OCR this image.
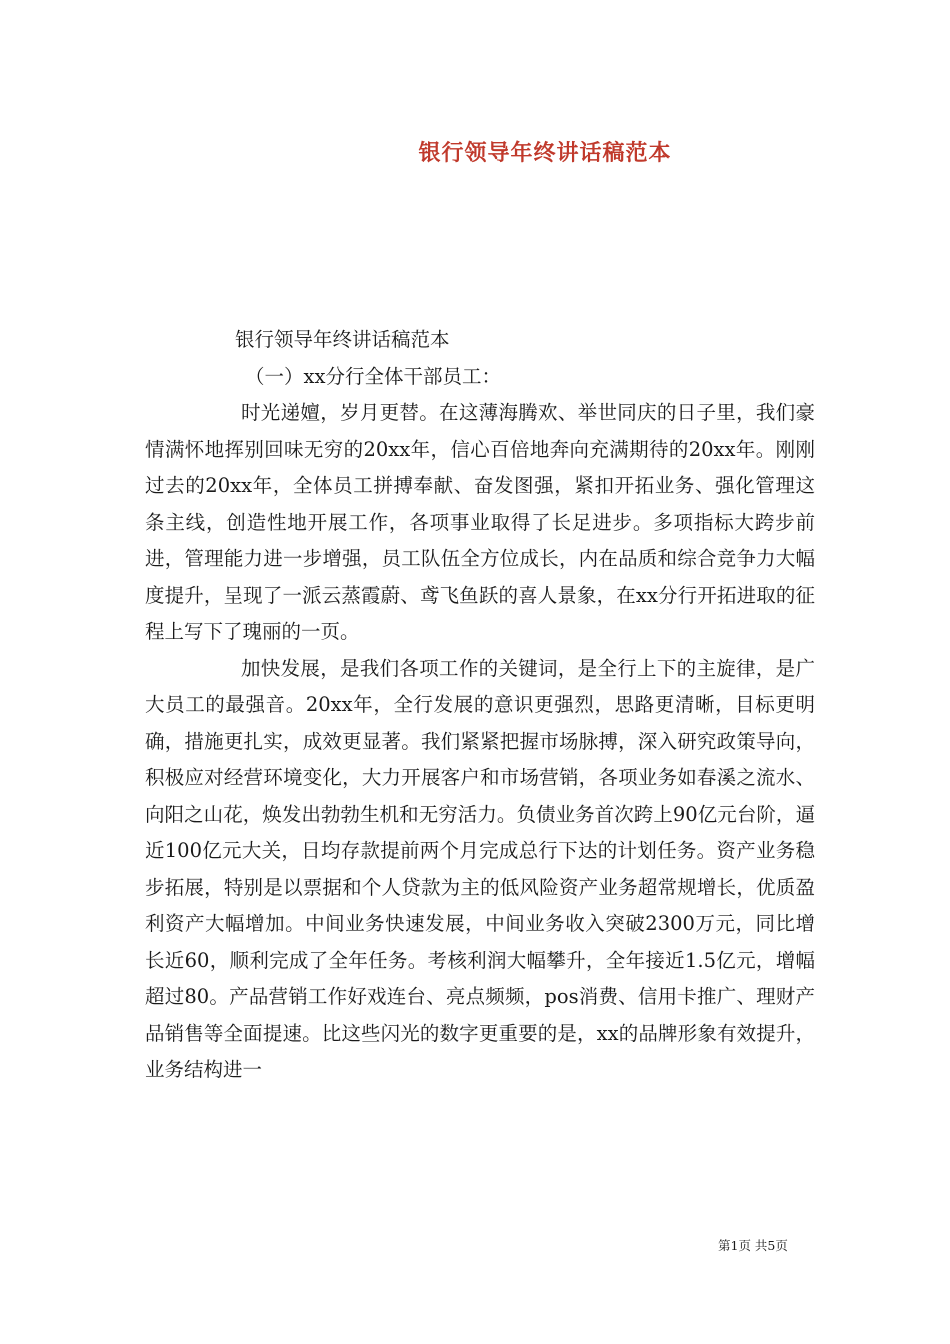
银行领导年终讲话稿范本

银行领导年终讲话稿范本

（一）xx分行全体干部员工：

时光递嬗，岁月更替。在这薄海腾欢、举世同庆的日子里，我们豪情满怀地挥别回味无穷的20xx年，信心百倍地奔向充满期待的20xx年。刚刚过去的20xx年，全体员工拼搏奉献、奋发图强，紧扣开拓业务、强化管理这条主线，创造性地开展工作，各项事业取得了长足进步。多项指标大跨步前进，管理能力进一步增强，员工队伍全方位成长，内在品质和综合竞争力大幅度提升，呈现了一派云蒸霞蔚、鸢飞鱼跃的喜人景象，在xx分行开拓进取的征程上写下了瑰丽的一页。

加快发展，是我们各项工作的关键词，是全行上下的主旋律，是广大员工的最强音。20xx年，全行发展的意识更强烈，思路更清晰，目标更明确，措施更扎实，成效更显著。我们紧紧把握市场脉搏，深入研究政策导向，积极应对经营环境变化，大力开展客户和市场营销，各项业务如春溪之流水、向阳之山花，焕发出勃勃生机和无穷活力。负债业务首次跨上90亿元台阶，逼近100亿元大关，日均存款提前两个月完成总行下达的计划任务。资产业务稳步拓展，特别是以票据和个人贷款为主的低风险资产业务超常规增长，优质盈利资产大幅增加。中间业务快速发展，中间业务收入突破2300万元，同比增长近60，顺利完成了全年任务。考核利润大幅攀升，全年接近1.5亿元，增幅超过80。产品营销工作好戏连台、亮点频频，pos消费、信用卡推广、理财产品销售等全面提速。比这些闪光的数字更重要的是，xx的品牌形象有效提升，业务结构进一

第1页 共5页
